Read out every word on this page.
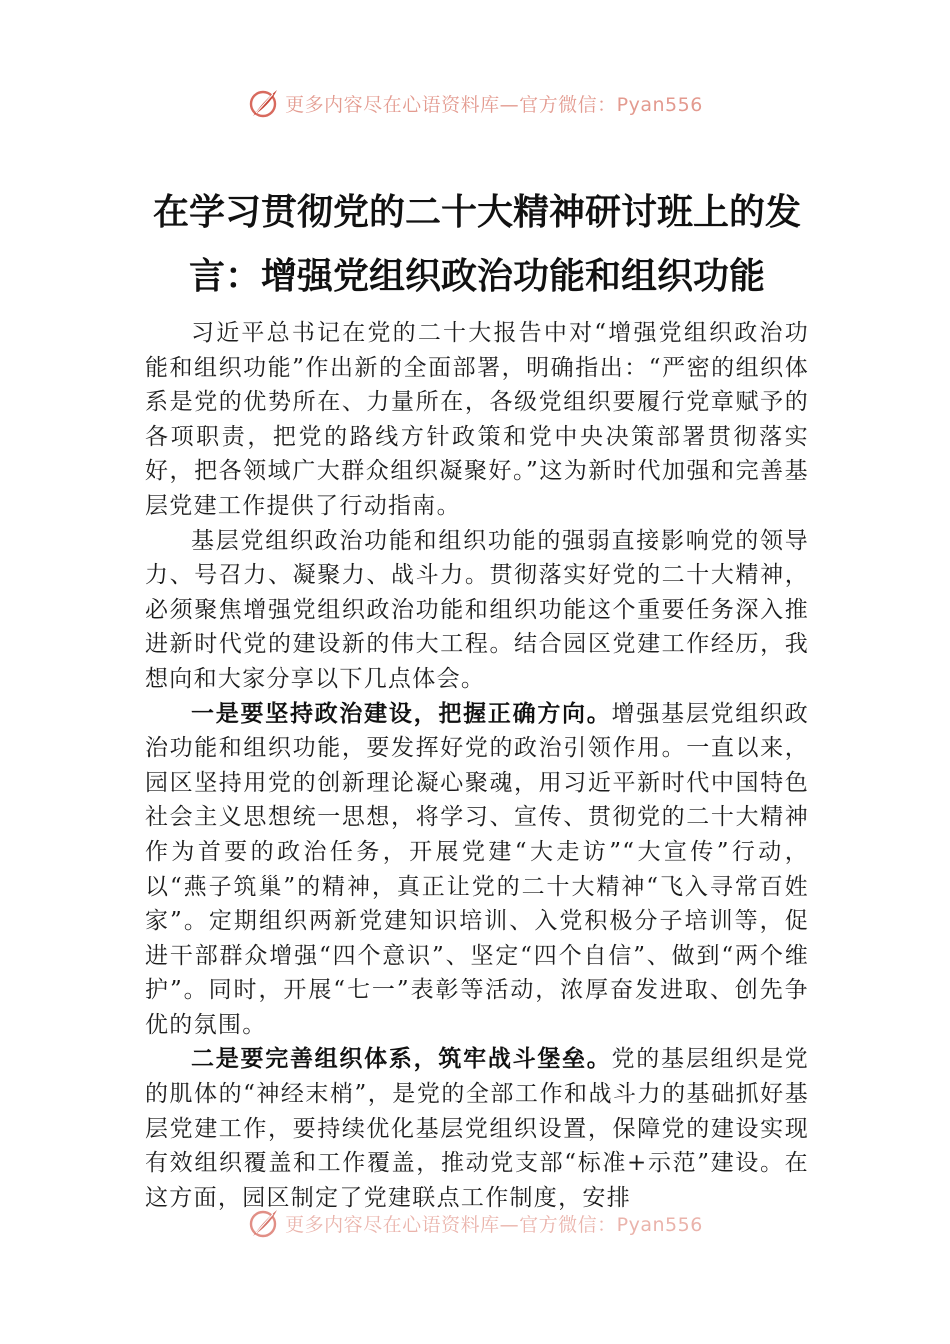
更多内容尽在心语资料库—官方微信：Pyan556
在学习贯彻党的二十大精神研讨班上的发言：增强党组织政治功能和组织功能

习近平总书记在党的二十大报告中对“增强党组织政治功能和组织功能”作出新的全面部署，明确指出：“严密的组织体系是党的优势所在、力量所在，各级党组织要履行党章赋予的各项职责，把党的路线方针政策和党中央决策部署贯彻落实好，把各领域广大群众组织凝聚好。”这为新时代加强和完善基层党建工作提供了行动指南。

基层党组织政治功能和组织功能的强弱直接影响党的领导力、号召力、凝聚力、战斗力。贯彻落实好党的二十大精神，必须聚焦增强党组织政治功能和组织功能这个重要任务深入推进新时代党的建设新的伟大工程。结合园区党建工作经历，我想向和大家分享以下几点体会。

一是要坚持政治建设，把握正确方向。增强基层党组织政治功能和组织功能，要发挥好党的政治引领作用。一直以来，园区坚持用党的创新理论凝心聚魂，用习近平新时代中国特色社会主义思想统一思想，将学习、宣传、贯彻党的二十大精神作为首要的政治任务，开展党建“大走访”“大宣传”行动，以“燕子筑巢”的精神，真正让党的二十大精神“飞入寻常百姓家”。定期组织两新党建知识培训、入党积极分子培训等，促进干部群众增强“四个意识”、坚定“四个自信”、做到“两个维护”。同时，开展“七一”表彰等活动，浓厚奋发进取、创先争优的氛围。

二是要完善组织体系，筑牢战斗堡垒。党的基层组织是党的肌体的“神经末梢”，是党的全部工作和战斗力的基础抓好基层党建工作，要持续优化基层党组织设置，保障党的建设实现有效组织覆盖和工作覆盖，推动党支部“标准+示范”建设。在这方面，园区制定了党建联点工作制度，安排

更多内容尽在心语资料库—官方微信：Pyan556
